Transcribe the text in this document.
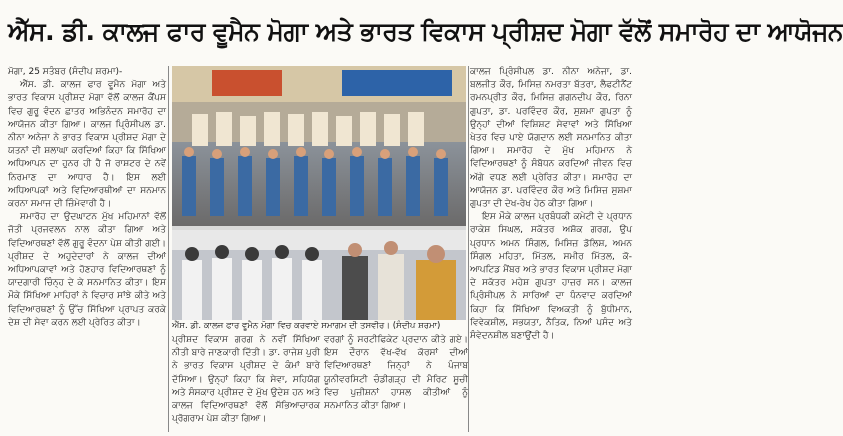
ਐੱਸ. ਡੀ. ਕਾਲਜ ਫਾਰ ਵੂਮੈਨ ਮੋਗਾ ਅਤੇ ਭਾਰਤ ਵਿਕਾਸ ਪ੍ਰੀਸ਼ਦ ਮੋਗਾ ਵੱਲੋਂ ਸਮਾਰੋਹ ਦਾ ਆਯੋਜਨ

ਮੋਗਾ, 25 ਸਤੰਬਰ (ਸੰਦੀਪ ਸ਼ਰਮਾ)-

ਐੱਸ. ਡੀ. ਕਾਲਜ ਫਾਰ ਵੂਮੈਨ ਮੋਗਾ ਅਤੇ ਭਾਰਤ ਵਿਕਾਸ ਪ੍ਰੀਸ਼ਦ ਮੋਗਾ ਵੱਲੋਂ ਕਾਲਜ ਕੈਂਪਸ ਵਿਚ ਗੁਰੂ ਵੰਦਨ ਛਾਤਰ ਅਭਿਨੰਦਨ ਸਮਾਰੋਹ ਦਾ ਆਯੋਜਨ ਕੀਤਾ ਗਿਆ। ਕਾਲਜ ਪ੍ਰਿੰਸੀਪਲ ਡਾ. ਨੀਨਾ ਅਨੇਜਾ ਨੇ ਭਾਰਤ ਵਿਕਾਸ ਪ੍ਰੀਸ਼ਦ ਮੋਗਾ ਦੇ ਯਤਨਾਂ ਦੀ ਸ਼ਲਾਘਾ ਕਰਦਿਆਂ ਕਿਹਾ ਕਿ ਸਿੱਖਿਆ ਅਧਿਆਪਨ ਦਾ ਹੁਨਰ ਹੀ ਹੈ ਜੋ ਰਾਸ਼ਟਰ ਦੇ ਨਵੇਂ ਨਿਰਮਾਣ ਦਾ ਆਧਾਰ ਹੈ। ਇਸ ਲਈ ਅਧਿਆਪਕਾਂ ਅਤੇ ਵਿਦਿਆਰਥੀਆਂ ਦਾ ਸਨਮਾਨ ਕਰਨਾ ਸਮਾਜ ਦੀ ਜ਼ਿੰਮੇਵਾਰੀ ਹੈ।

ਸਮਾਰੋਹ ਦਾ ਉਦਘਾਟਨ ਮੁੱਖ ਮਹਿਮਾਨਾਂ ਵੱਲੋਂ ਜੋਤੀ ਪ੍ਰਜਵਲਨ ਨਾਲ ਕੀਤਾ ਗਿਆ ਅਤੇ ਵਿਦਿਆਰਥਣਾਂ ਵੱਲੋਂ ਗੁਰੂ ਵੰਦਨਾ ਪੇਸ਼ ਕੀਤੀ ਗਈ। ਪ੍ਰੀਸ਼ਦ ਦੇ ਅਹੁਦੇਦਾਰਾਂ ਨੇ ਕਾਲਜ ਦੀਆਂ ਅਧਿਆਪਕਾਵਾਂ ਅਤੇ ਹੋਣਹਾਰ ਵਿਦਿਆਰਥਣਾਂ ਨੂੰ ਯਾਦਗਾਰੀ ਚਿੰਨ੍ਹ ਦੇ ਕੇ ਸਨਮਾਨਿਤ ਕੀਤਾ। ਇਸ ਮੌਕੇ ਸਿੱਖਿਆ ਮਾਹਿਰਾਂ ਨੇ ਵਿਚਾਰ ਸਾਂਝੇ ਕੀਤੇ ਅਤੇ ਵਿਦਿਆਰਥਣਾਂ ਨੂੰ ਉੱਚ ਸਿੱਖਿਆ ਪ੍ਰਾਪਤ ਕਰਕੇ ਦੇਸ਼ ਦੀ ਸੇਵਾ ਕਰਨ ਲਈ ਪ੍ਰੇਰਿਤ ਕੀਤਾ।	ਐੱਸ. ਡੀ. ਕਾਲਜ ਫਾਰ ਵੂਮੈਨ ਮੋਗਾ ਵਿਚ ਕਰਵਾਏ ਸਮਾਗਮ ਦੀ ਤਸਵੀਰ। (ਸੰਦੀਪ ਸ਼ਰਮਾ)

ਪ੍ਰੀਸ਼ਦ ਵਿਕਾਸ ਗਰਗ ਨੇ ਨਵੀਂ ਸਿੱਖਿਆ ਨੀਤੀ ਬਾਰੇ ਜਾਣਕਾਰੀ ਦਿੱਤੀ। ਡਾ. ਰਾਜੇਸ਼ ਪੁਰੀ ਨੇ ਭਾਰਤ ਵਿਕਾਸ ਪ੍ਰੀਸ਼ਦ ਦੇ ਕੰਮਾਂ ਬਾਰੇ ਦੱਸਿਆ। ਉਨ੍ਹਾਂ ਕਿਹਾ ਕਿ ਸੇਵਾ, ਸਹਿਯੋਗ ਅਤੇ ਸੰਸਕਾਰ ਪ੍ਰੀਸ਼ਦ ਦੇ ਮੁੱਖ ਉਦੇਸ਼ ਹਨ ਅਤੇ ਕਾਲਜ ਵਿਦਿਆਰਥਣਾਂ ਵੱਲੋਂ ਸੱਭਿਆਚਾਰਕ ਪ੍ਰੋਗਰਾਮ ਪੇਸ਼ ਕੀਤਾ ਗਿਆ।

ਵਰਗਾਂ ਨੂੰ ਸਰਟੀਫਿਕੇਟ ਪ੍ਰਦਾਨ ਕੀਤੇ ਗਏ। ਇਸ ਦੌਰਾਨ ਵੱਖ-ਵੱਖ ਕੋਰਸਾਂ ਦੀਆਂ ਵਿਦਿਆਰਥਣਾਂ ਜਿਨ੍ਹਾਂ ਨੇ ਪੰਜਾਬ ਯੂਨੀਵਰਸਿਟੀ ਚੰਡੀਗੜ੍ਹ ਦੀ ਮੈਰਿਟ ਸੂਚੀ ਵਿਚ ਪੁਜ਼ੀਸ਼ਨਾਂ ਹਾਸਲ ਕੀਤੀਆਂ ਨੂੰ ਸਨਮਾਨਿਤ ਕੀਤਾ ਗਿਆ।

ਕਾਲਜ ਪ੍ਰਿੰਸੀਪਲ ਡਾ. ਨੀਨਾ ਅਨੇਜਾ, ਡਾ. ਬਲਜੀਤ ਕੌਰ, ਮਿਸਿਜ਼ ਨਮਰਤਾ ਬੱਤਰਾ, ਲੈਫਟੀਨੈਂਟ ਰਮਨਪ੍ਰੀਤ ਕੌਰ, ਮਿਸਿਜ਼ ਗਗਨਦੀਪ ਕੌਰ, ਰਿਨਾ ਗੁਪਤਾ, ਡਾ. ਪਰਵਿੰਦਰ ਕੌਰ, ਸੁਸ਼ਮਾ ਗੁਪਤਾ ਨੂੰ ਉਨ੍ਹਾਂ ਦੀਆਂ ਵਿਸ਼ਿਸ਼ਟ ਸੇਵਾਵਾਂ ਅਤੇ ਸਿੱਖਿਆ ਖੇਤਰ ਵਿਚ ਪਾਏ ਯੋਗਦਾਨ ਲਈ ਸਨਮਾਨਿਤ ਕੀਤਾ ਗਿਆ। ਸਮਾਰੋਹ ਦੇ ਮੁੱਖ ਮਹਿਮਾਨ ਨੇ ਵਿਦਿਆਰਥਣਾਂ ਨੂੰ ਸੰਬੋਧਨ ਕਰਦਿਆਂ ਜੀਵਨ ਵਿਚ ਅੱਗੇ ਵਧਣ ਲਈ ਪ੍ਰੇਰਿਤ ਕੀਤਾ। ਸਮਾਰੋਹ ਦਾ ਆਯੋਜਨ ਡਾ. ਪਰਵਿੰਦਰ ਕੌਰ ਅਤੇ ਮਿਸਿਜ਼ ਸੁਸ਼ਮਾ ਗੁਪਤਾ ਦੀ ਦੇਖ-ਰੇਖ ਹੇਠ ਕੀਤਾ ਗਿਆ।

ਇਸ ਮੌਕੇ ਕਾਲਜ ਪ੍ਰਬੰਧਕੀ ਕਮੇਟੀ ਦੇ ਪ੍ਰਧਾਨ ਰਾਕੇਸ਼ ਸਿਘਲ, ਸਕੱਤਰ ਅਸ਼ੋਕ ਗਰਗ, ਉਪ ਪ੍ਰਧਾਨ ਅਮਨ ਸਿੰਗਲ, ਮਿਸਿਜ਼ ਡੋਲਿਸ਼, ਅਮਨ ਸਿੰਗਲ ਮਹਿਤਾ, ਮਿੱਤਲ, ਸਮੀਰ ਮਿੱਤਲ, ਕੋ-ਆਪਟਿਡ ਮੈਂਬਰ ਅਤੇ ਭਾਰਤ ਵਿਕਾਸ ਪ੍ਰੀਸ਼ਦ ਮੋਗਾ ਦੇ ਸਕੱਤਰ ਮਹੇਸ਼ ਗੁਪਤਾ ਹਾਜ਼ਰ ਸਨ। ਕਾਲਜ ਪ੍ਰਿੰਸੀਪਲ ਨੇ ਸਾਰਿਆਂ ਦਾ ਧੰਨਵਾਦ ਕਰਦਿਆਂ ਕਿਹਾ ਕਿ ਸਿੱਖਿਆ ਵਿਅਕਤੀ ਨੂੰ ਬੁੱਧੀਮਾਨ, ਵਿਵੇਕਸ਼ੀਲ, ਸਭਯਤਾ, ਨੈਤਿਕ, ਨਿਆਂ ਪਸੰਦ ਅਤੇ ਸੰਵੇਦਨਸ਼ੀਲ ਬਣਾਉਂਦੀ ਹੈ।
